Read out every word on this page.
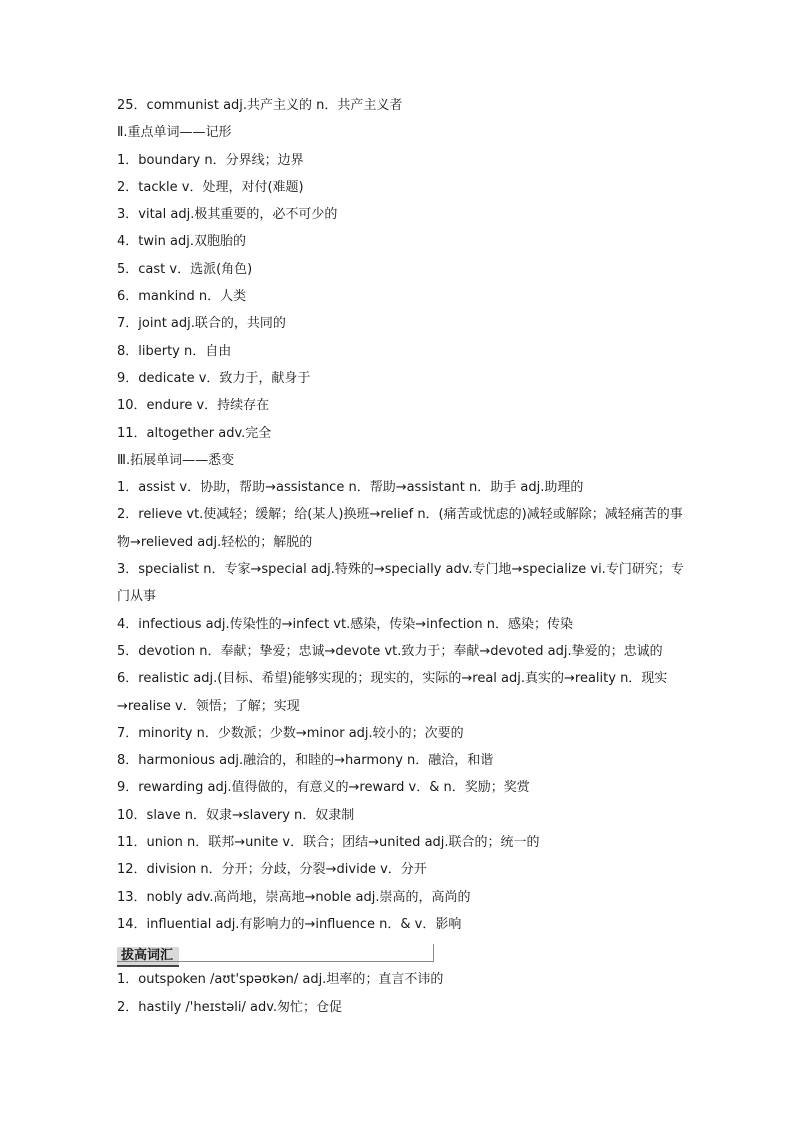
25．communist adj.共产主义的 n．共产主义者
Ⅱ.重点单词——记形
1．boundary n．分界线；边界
2．tackle v．处理，对付(难题)
3．vital adj.极其重要的，必不可少的
4．twin adj.双胞胎的
5．cast v．选派(角色)
6．mankind n．人类
7．joint adj.联合的，共同的
8．liberty n．自由
9．dedicate v．致力于，献身于
10．endure v．持续存在
11．altogether adv.完全
Ⅲ.拓展单词——悉变
1．assist v．协助，帮助→assistance n．帮助→assistant n．助手 adj.助理的
2．relieve vt.使减轻；缓解；给(某人)换班→relief n．(痛苦或忧虑的)减轻或解除；减轻痛苦的事物→relieved adj.轻松的；解脱的
3．specialist n．专家→special adj.特殊的→specially adv.专门地→specialize vi.专门研究；专门从事
4．infectious adj.传染性的→infect vt.感染，传染→infection n．感染；传染
5．devotion n．奉献；挚爱；忠诚→devote vt.致力于；奉献→devoted adj.挚爱的；忠诚的
6．realistic adj.(目标、希望)能够实现的；现实的，实际的→real adj.真实的→reality n．现实→realise v．领悟；了解；实现
7．minority n．少数派；少数→minor adj.较小的；次要的
8．harmonious adj.融洽的，和睦的→harmony n．融洽，和谐
9．rewarding adj.值得做的，有意义的→reward v．& n．奖励；奖赏
10．slave n．奴隶→slavery n．奴隶制
11．union n．联邦→unite v．联合；团结→united adj.联合的；统一的
12．division n．分开；分歧，分裂→divide v．分开
13．nobly adv.高尚地，崇高地→noble adj.崇高的，高尚的
14．influential adj.有影响力的→influence n．& v．影响
拔高词汇
1．outspoken /aʊt'spəʊkən/ adj.坦率的；直言不讳的
2．hastily /'heɪstəli/ adv.匆忙；仓促
